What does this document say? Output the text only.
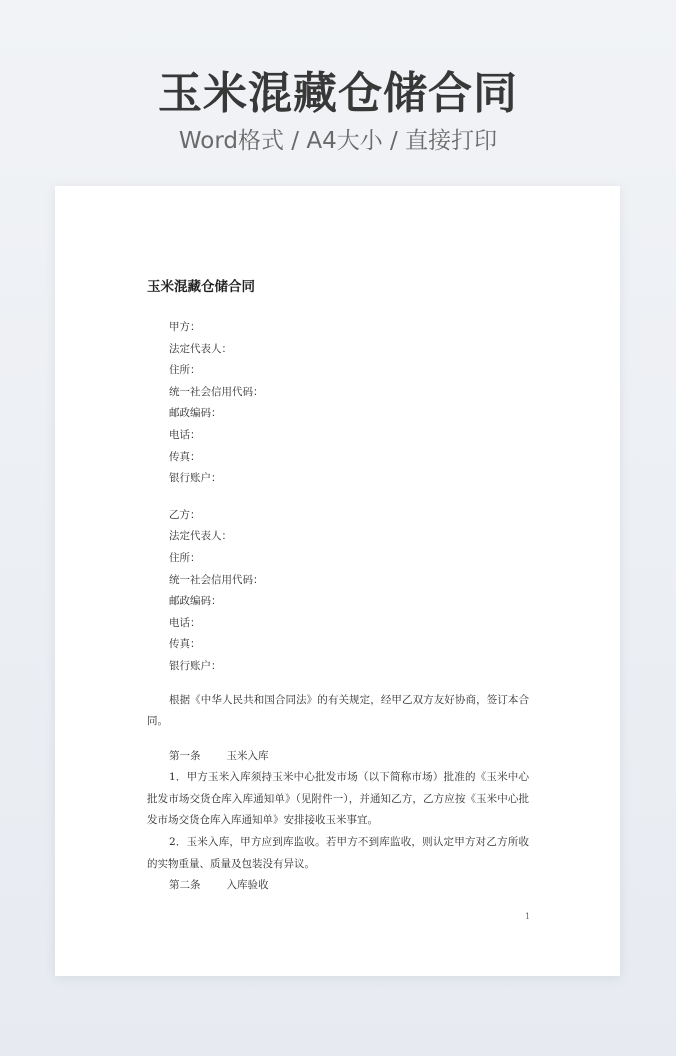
玉米混藏仓储合同
Word格式 / A4大小 / 直接打印
玉米混藏仓储合同
甲方：
法定代表人：
住所：
统一社会信用代码：
邮政编码：
电话：
传真：
银行账户：
乙方：
法定代表人：
住所：
统一社会信用代码：
邮政编码：
电话：
传真：
银行账户：
根据《中华人民共和国合同法》的有关规定，经甲乙双方友好协商，签订本合同。
第一条 玉米入库
1．甲方玉米入库须持玉米中心批发市场（以下简称市场）批准的《玉米中心批发市场交货仓库入库通知单》（见附件一），并通知乙方，乙方应按《玉米中心批发市场交货仓库入库通知单》安排接收玉米事宜。
2．玉米入库，甲方应到库监收。若甲方不到库监收，则认定甲方对乙方所收的实物重量、质量及包装没有异议。
第二条 入库验收
1
